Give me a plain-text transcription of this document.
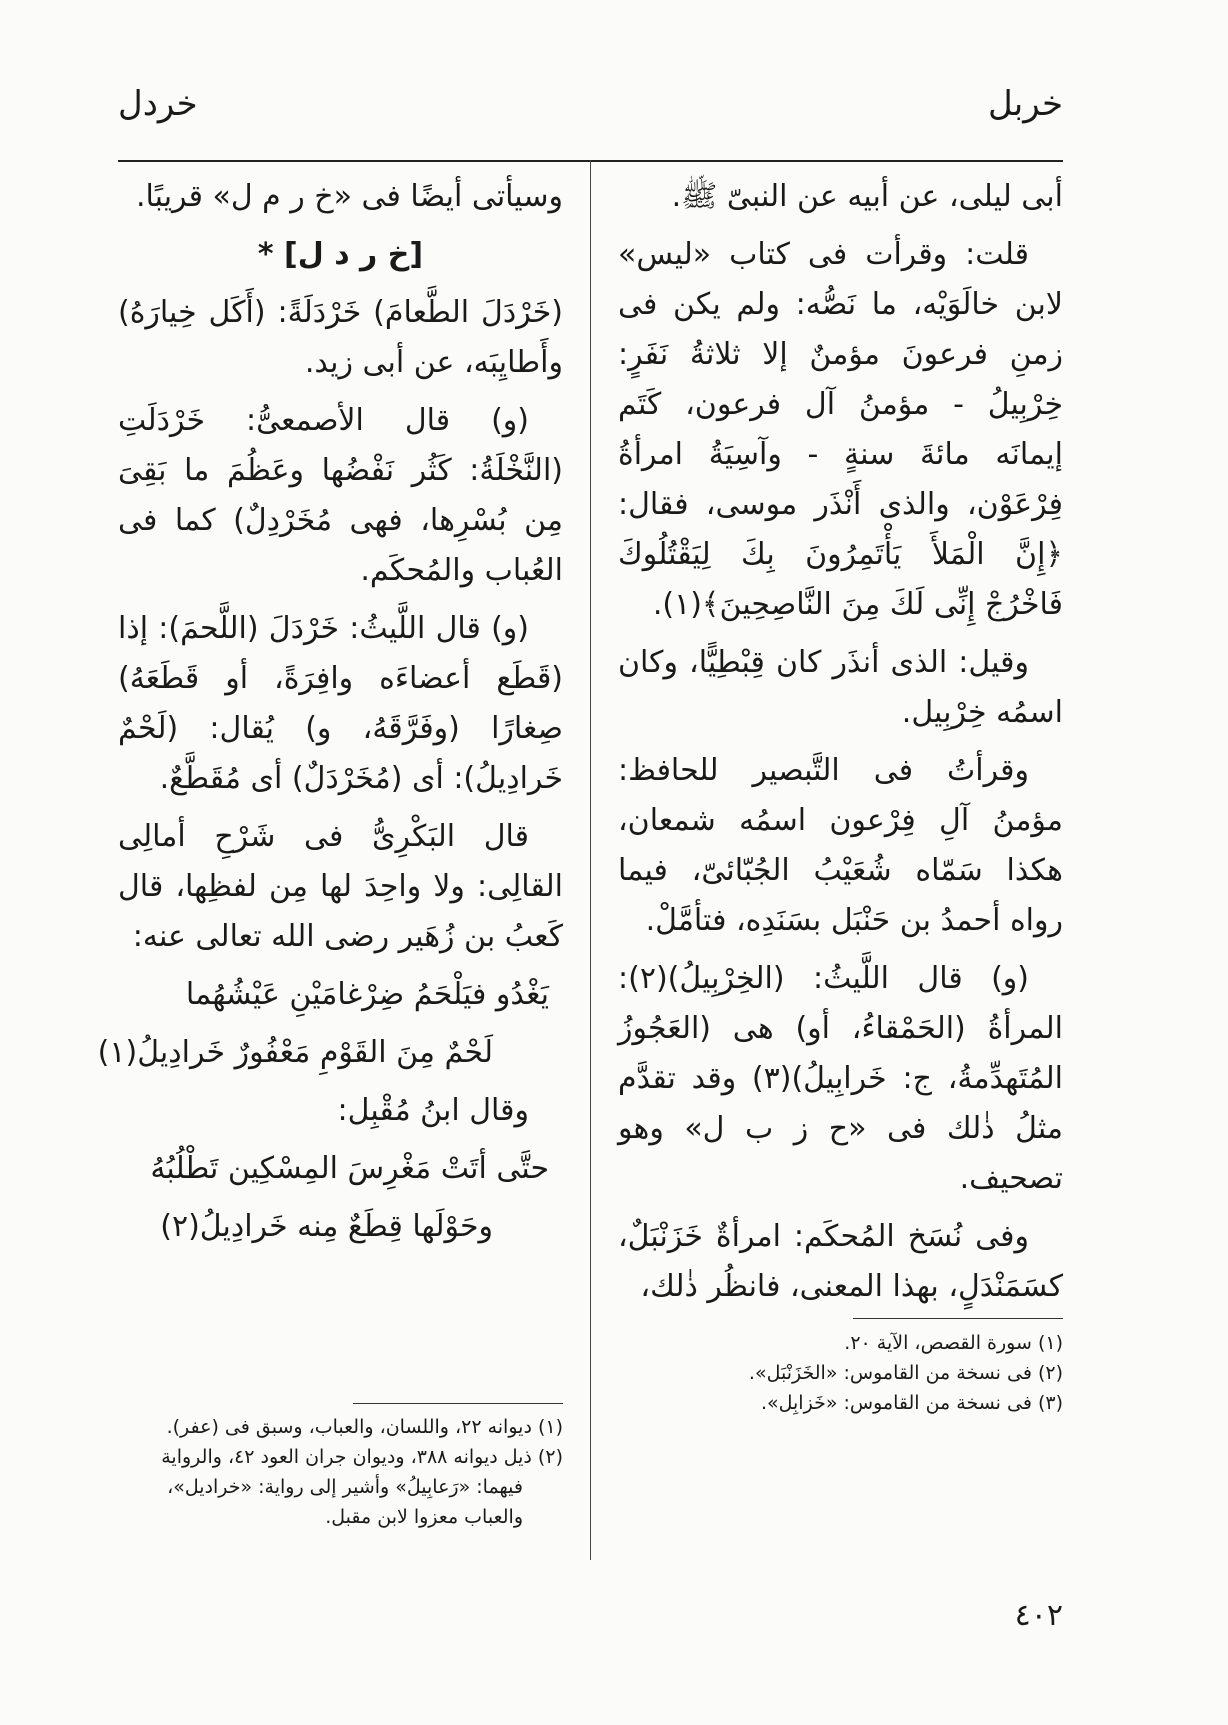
خربل
خردل

أبى ليلى، عن أبيه عن النبىّ ﷺ.

قلت: وقرأت فى كتاب «ليس» لابن خالَوَيْه، ما نَصُّه: ولم يكن فى زمنِ فرعونَ مؤمنٌ إلا ثلاثةُ نَفَرٍ: خِرْبِيلُ - مؤمنُ آل فرعون، كَتَم إيمانَه مائةَ سنةٍ - وآسِيَةُ امرأةُ فِرْعَوْن، والذى أَنْذَر موسى، فقال: ﴿إِنَّ الْمَلأَ يَأْتَمِرُونَ بِكَ لِيَقْتُلُوكَ فَاخْرُجْ إِنِّى لَكَ مِنَ النَّاصِحِينَ﴾(١).

وقيل: الذى أنذَر كان قِبْطِيًّا، وكان اسمُه خِرْبِيل.

وقرأتُ فى التَّبصير للحافظ: مؤمنُ آلِ فِرْعون اسمُه شمعان، هكذا سَمّاه شُعَيْبُ الجُبّائىّ، فيما رواه أحمدُ بن حَنْبَل بسَنَدِه، فتأمَّلْ.

(و) قال اللَّيثُ: (الخِرْبِيلُ)(٢): المرأةُ (الحَمْقاءُ، أو) هى (العَجُوزُ المُتَهدِّمةُ، ج: خَرابِيلُ)(٣) وقد تقدَّم مثلُ ذٰلك فى «ح ز ب ل» وهو تصحيف.

وفى نُسَخ المُحكَم: امرأةٌ خَزَنْبَلٌ، كسَمَنْدَلٍ، بهذا المعنى، فانظُر ذٰلك،

(١) سورة القصص، الآية ٢٠.

(٢) فى نسخة من القاموس: «الخَزَنْبَل».

(٣) فى نسخة من القاموس: «خَزابِل».

وسيأتى أيضًا فى «خ ر م ل» قريبًا.

[خ ر د ل] *

(خَرْدَلَ الطَّعامَ) خَرْدَلَةً: (أَكَل خِيارَهُ) وأَطايِبَه، عن أبى زيد.

(و) قال الأصمعىُّ: خَرْدَلَتِ (النَّخْلَةُ: كَثُر نَفْضُها وعَظُمَ ما بَقِىَ مِن بُسْرِها، فهى مُخَرْدِلٌ) كما فى العُباب والمُحكَم.

(و) قال اللَّيثُ: خَرْدَلَ (اللَّحمَ): إذا (قَطَع أعضاءَه وافِرَةً، أو قَطَعَهُ) صِغارًا (وفَرَّقَهُ، و) يُقال: (لَحْمٌ خَرادِيلُ): أى (مُخَرْدَلٌ) أى مُقَطَّعٌ.

قال البَكْرِىُّ فى شَرْحِ أمالِى القالِى: ولا واحِدَ لها مِن لفظِها، قال كَعبُ بن زُهَير رضى الله تعالى عنه:

يَغْدُو فيَلْحَمُ ضِرْغامَيْنِ عَيْشُهُما

لَحْمٌ مِنَ القَوْمِ مَعْفُورٌ خَرادِيلُ(١)

وقال ابنُ مُقْبِل:

حتَّى أتَتْ مَغْرِسَ المِسْكِين تَطْلُبُهُ

وحَوْلَها قِطَعٌ مِنه خَرادِيلُ(٢)

(١) ديوانه ٢٢، واللسان، والعباب، وسبق فى (عفر).

(٢) ذيل ديوانه ٣٨٨، وديوان جران العود ٤٢، والرواية

فيهما: «رَعابِيلُ» وأشير إلى رواية: «خراديل»،

والعباب معزوا لابن مقبل.

٤٠٢
